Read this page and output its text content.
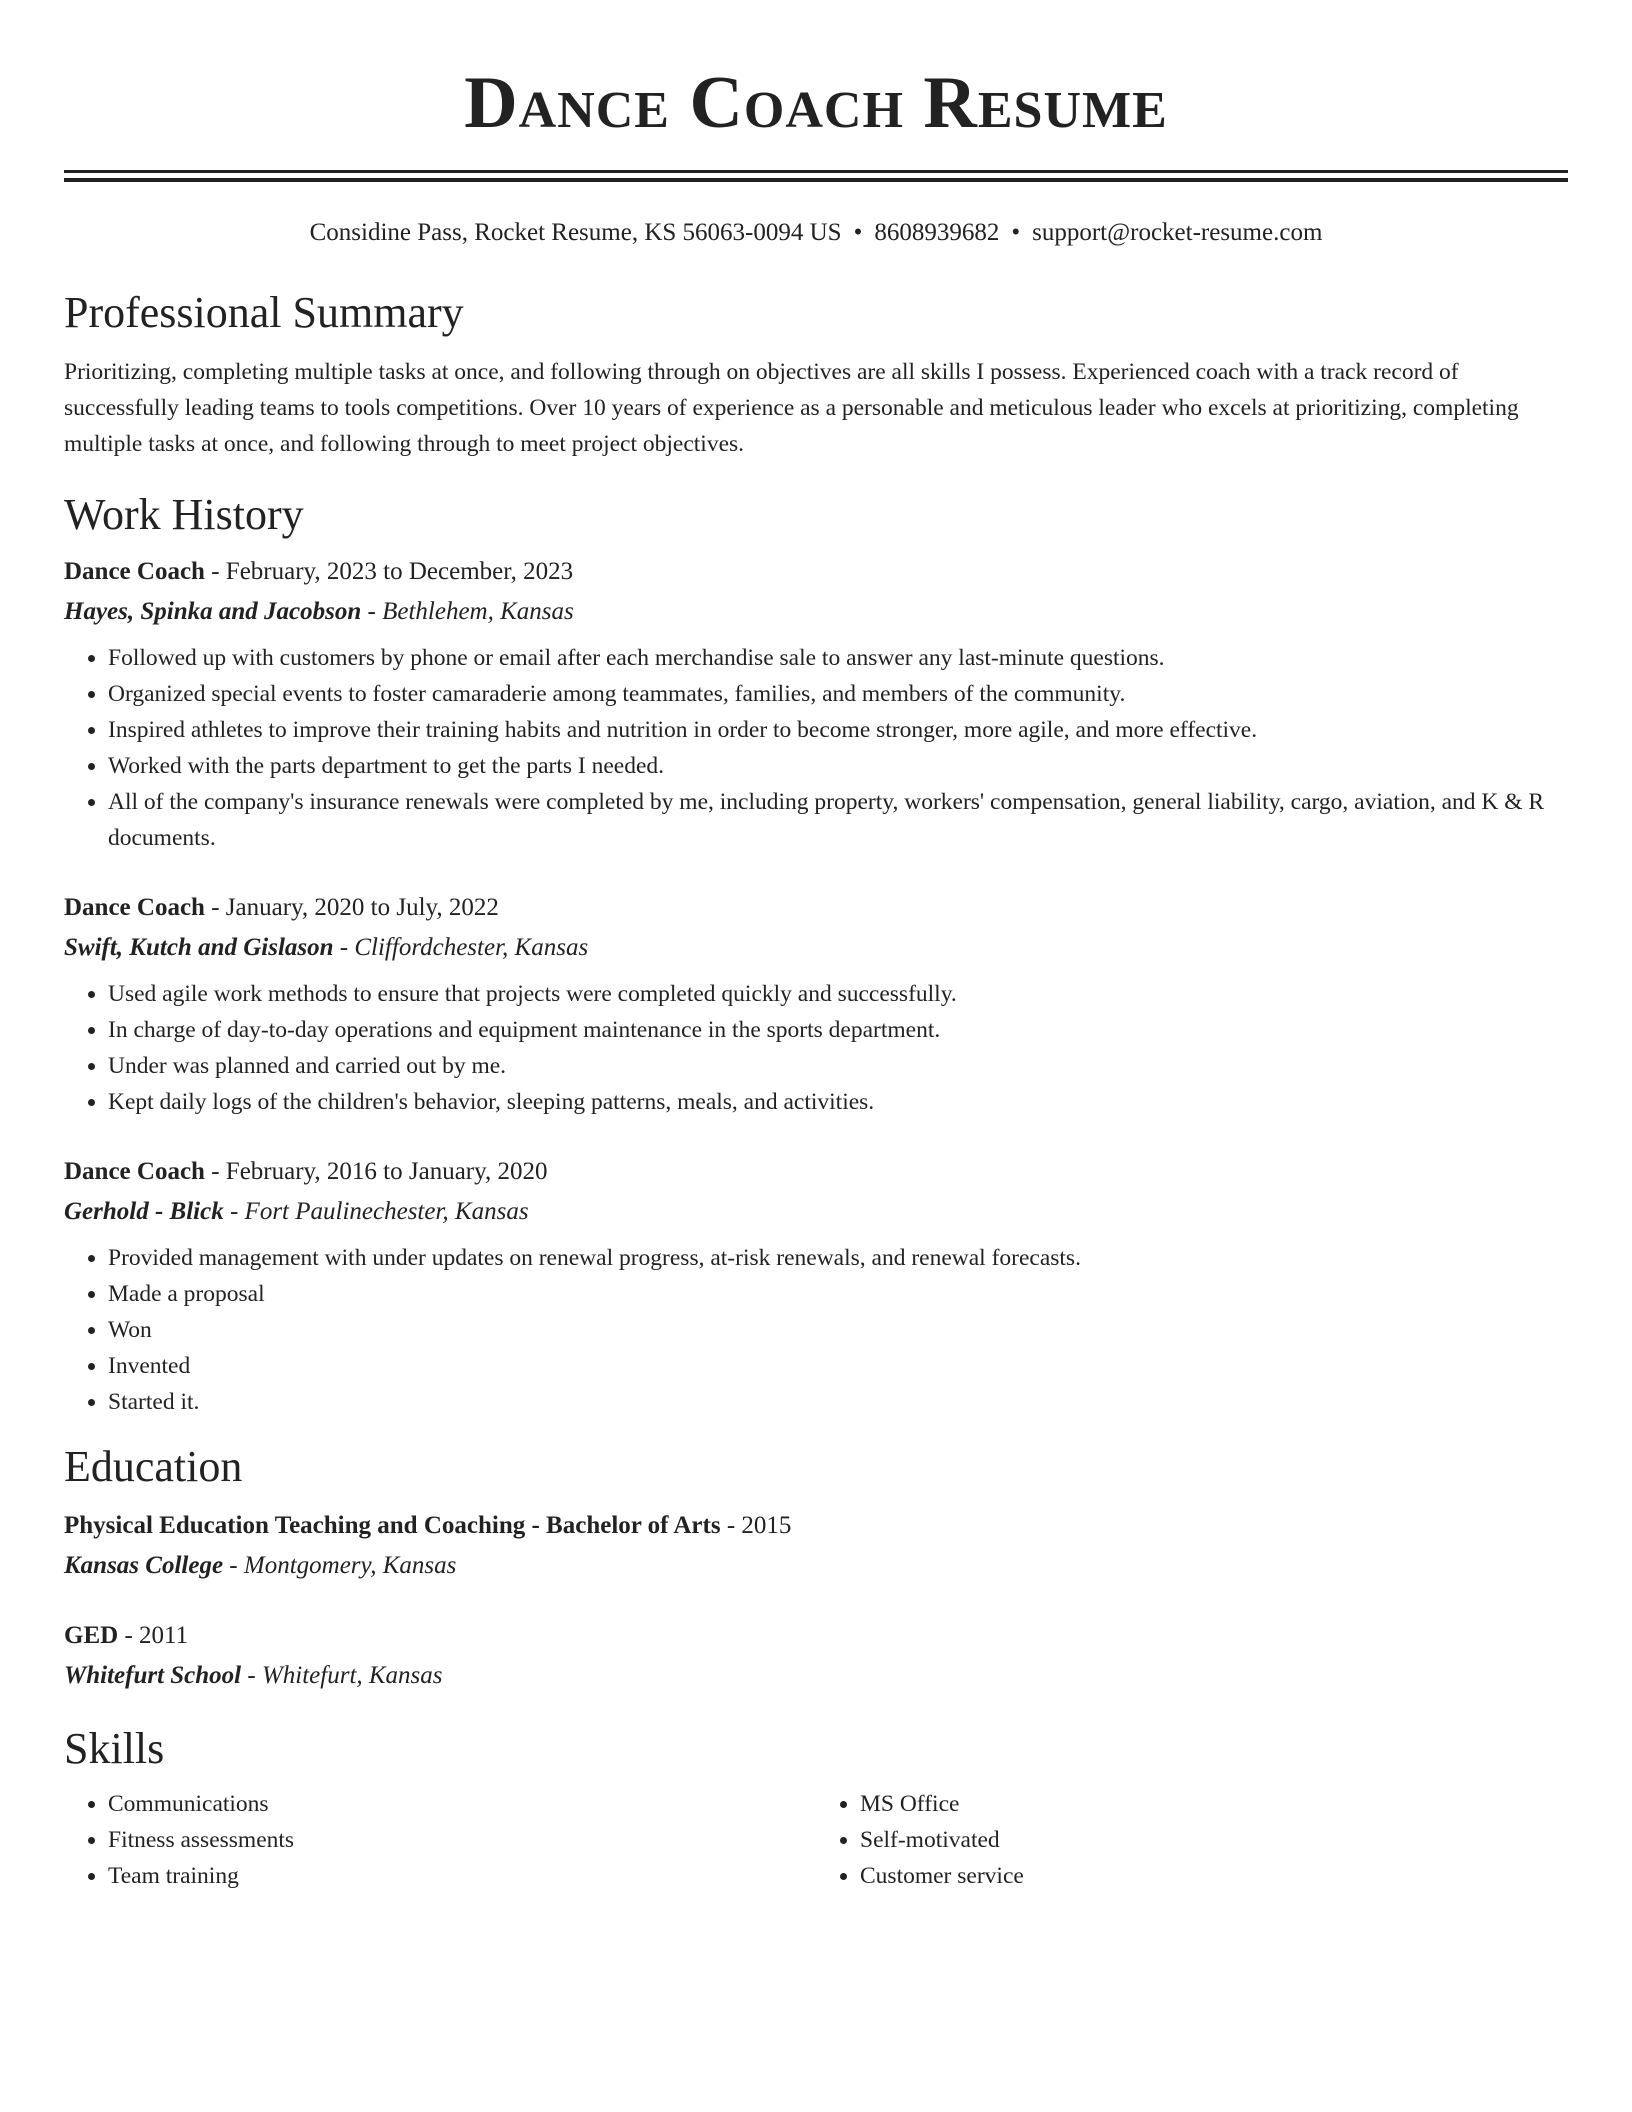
Dance Coach Resume
Considine Pass, Rocket Resume, KS 56063-0094 US • 8608939682 • support@rocket-resume.com
Professional Summary

Prioritizing, completing multiple tasks at once, and following through on objectives are all skills I possess. Experienced coach with a track record of successfully leading teams to tools competitions. Over 10 years of experience as a personable and meticulous leader who excels at prioritizing, completing multiple tasks at once, and following through to meet project objectives.

Work History
Dance Coach - February, 2023 to December, 2023
Hayes, Spinka and Jacobson - Bethlehem, Kansas
• Followed up with customers by phone or email after each merchandise sale to answer any last-minute questions.
• Organized special events to foster camaraderie among teammates, families, and members of the community.
• Inspired athletes to improve their training habits and nutrition in order to become stronger, more agile, and more effective.
• Worked with the parts department to get the parts I needed.
• All of the company's insurance renewals were completed by me, including property, workers' compensation, general liability, cargo, aviation, and K & R documents.
Dance Coach - January, 2020 to July, 2022
Swift, Kutch and Gislason - Cliffordchester, Kansas
• Used agile work methods to ensure that projects were completed quickly and successfully.
• In charge of day-to-day operations and equipment maintenance in the sports department.
• Under was planned and carried out by me.
• Kept daily logs of the children's behavior, sleeping patterns, meals, and activities.
Dance Coach - February, 2016 to January, 2020
Gerhold - Blick - Fort Paulinechester, Kansas
• Provided management with under updates on renewal progress, at-risk renewals, and renewal forecasts.
• Made a proposal
• Won
• Invented
• Started it.
Education
Physical Education Teaching and Coaching - Bachelor of Arts - 2015
Kansas College - Montgomery, Kansas
GED - 2011
Whitefurt School - Whitefurt, Kansas
Skills
• Communications
• Fitness assessments
• Team training
• MS Office
• Self-motivated
• Customer service
